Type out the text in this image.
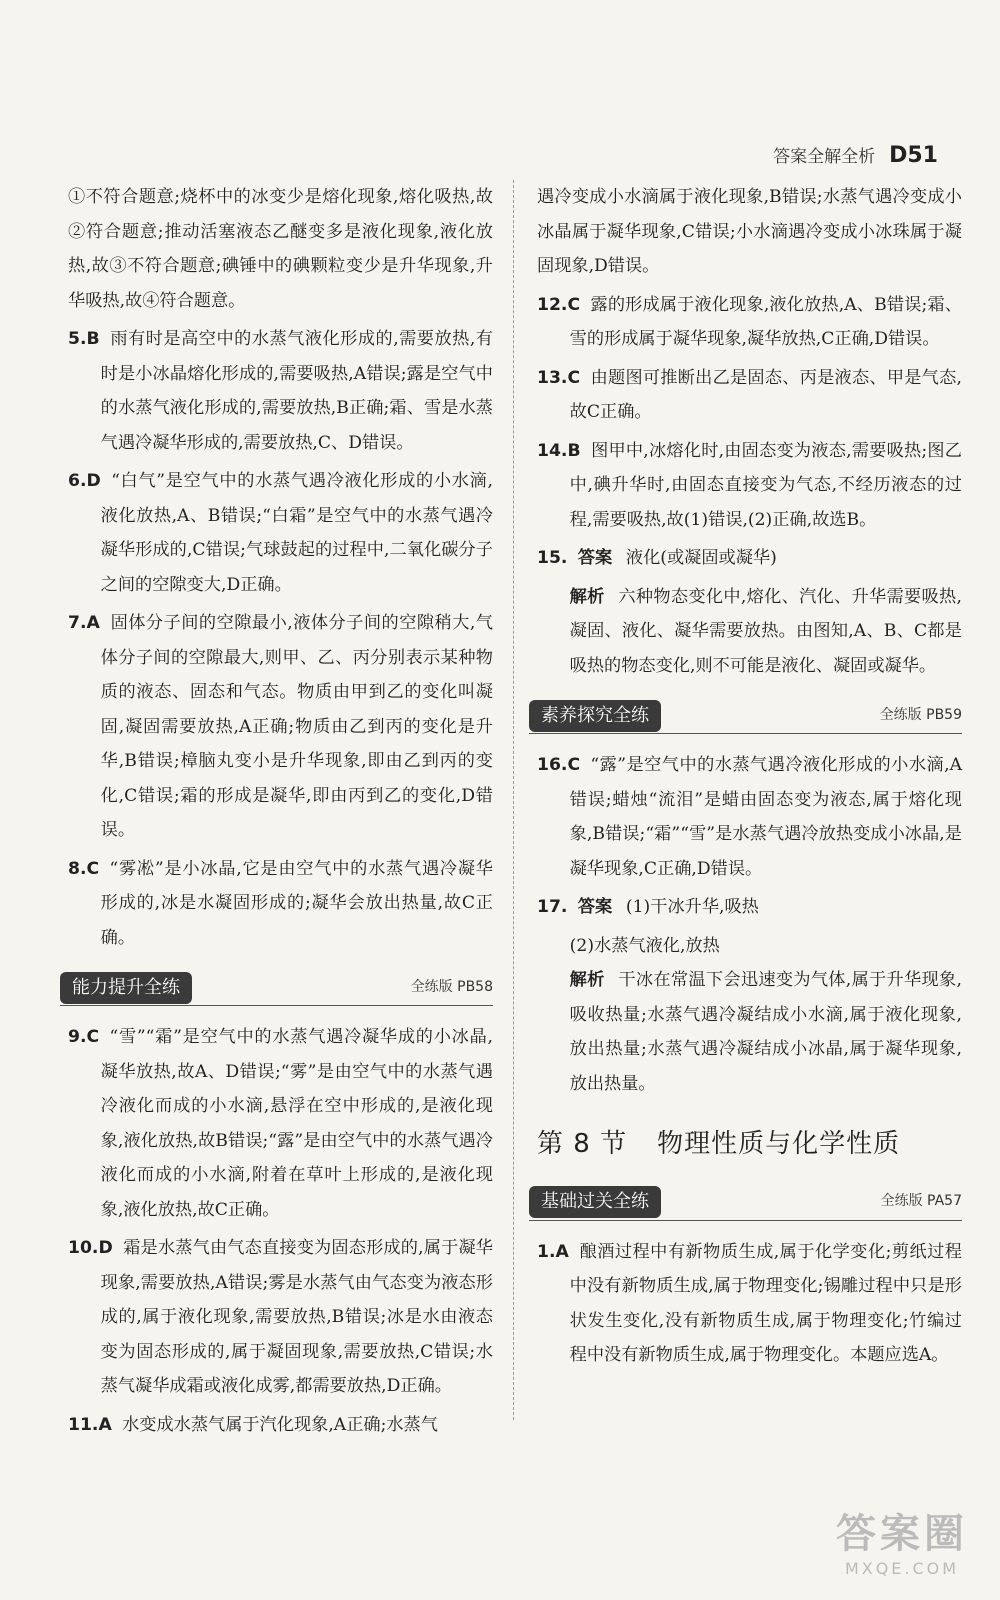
答案全解全析 D51

①不符合题意;烧杯中的冰变少是熔化现象,熔化吸热,故②符合题意;推动活塞液态乙醚变多是液化现象,液化放热,故③不符合题意;碘锤中的碘颗粒变少是升华现象,升华吸热,故④符合题意。

5.B 雨有时是高空中的水蒸气液化形成的,需要放热,有时是小冰晶熔化形成的,需要吸热,A错误;露是空气中的水蒸气液化形成的,需要放热,B正确;霜、雪是水蒸气遇冷凝华形成的,需要放热,C、D错误。

6.D “白气”是空气中的水蒸气遇冷液化形成的小水滴,液化放热,A、B错误;“白霜”是空气中的水蒸气遇冷凝华形成的,C错误;气球鼓起的过程中,二氧化碳分子之间的空隙变大,D正确。

7.A 固体分子间的空隙最小,液体分子间的空隙稍大,气体分子间的空隙最大,则甲、乙、丙分别表示某种物质的液态、固态和气态。物质由甲到乙的变化叫凝固,凝固需要放热,A正确;物质由乙到丙的变化是升华,B错误;樟脑丸变小是升华现象,即由乙到丙的变化,C错误;霜的形成是凝华,即由丙到乙的变化,D错误。

8.C “雾凇”是小冰晶,它是由空气中的水蒸气遇冷凝华形成的,冰是水凝固形成的;凝华会放出热量,故C正确。

能力提升全练	全练版 PB58

9.C “雪”“霜”是空气中的水蒸气遇冷凝华成的小冰晶,凝华放热,故A、D错误;“雾”是由空气中的水蒸气遇冷液化而成的小水滴,悬浮在空中形成的,是液化现象,液化放热,故B错误;“露”是由空气中的水蒸气遇冷液化而成的小水滴,附着在草叶上形成的,是液化现象,液化放热,故C正确。

10.D 霜是水蒸气由气态直接变为固态形成的,属于凝华现象,需要放热,A错误;雾是水蒸气由气态变为液态形成的,属于液化现象,需要放热,B错误;冰是水由液态变为固态形成的,属于凝固现象,需要放热,C错误;水蒸气凝华成霜或液化成雾,都需要放热,D正确。

11.A 水变成水蒸气属于汽化现象,A正确;水蒸气

遇冷变成小水滴属于液化现象,B错误;水蒸气遇冷变成小冰晶属于凝华现象,C错误;小水滴遇冷变成小冰珠属于凝固现象,D错误。

12.C 露的形成属于液化现象,液化放热,A、B错误;霜、雪的形成属于凝华现象,凝华放热,C正确,D错误。

13.C 由题图可推断出乙是固态、丙是液态、甲是气态,故C正确。

14.B 图甲中,冰熔化时,由固态变为液态,需要吸热;图乙中,碘升华时,由固态直接变为气态,不经历液态的过程,需要吸热,故(1)错误,(2)正确,故选B。

15. 答案 液化(或凝固或凝华)

解析 六种物态变化中,熔化、汽化、升华需要吸热,凝固、液化、凝华需要放热。由图知,A、B、C都是吸热的物态变化,则不可能是液化、凝固或凝华。

素养探究全练	全练版 PB59

16.C “露”是空气中的水蒸气遇冷液化形成的小水滴,A错误;蜡烛“流泪”是蜡由固态变为液态,属于熔化现象,B错误;“霜”“雪”是水蒸气遇冷放热变成小冰晶,是凝华现象,C正确,D错误。

17. 答案 (1)干冰升华,吸热

(2)水蒸气液化,放热

解析 干冰在常温下会迅速变为气体,属于升华现象,吸收热量;水蒸气遇冷凝结成小水滴,属于液化现象,放出热量;水蒸气遇冷凝结成小冰晶,属于凝华现象,放出热量。

第 8 节 物理性质与化学性质
基础过关全练	全练版 PA57

1.A 酿酒过程中有新物质生成,属于化学变化;剪纸过程中没有新物质生成,属于物理变化;锡雕过程中只是形状发生变化,没有新物质生成,属于物理变化;竹编过程中没有新物质生成,属于物理变化。本题应选A。

答案圈
MXQE.COM
